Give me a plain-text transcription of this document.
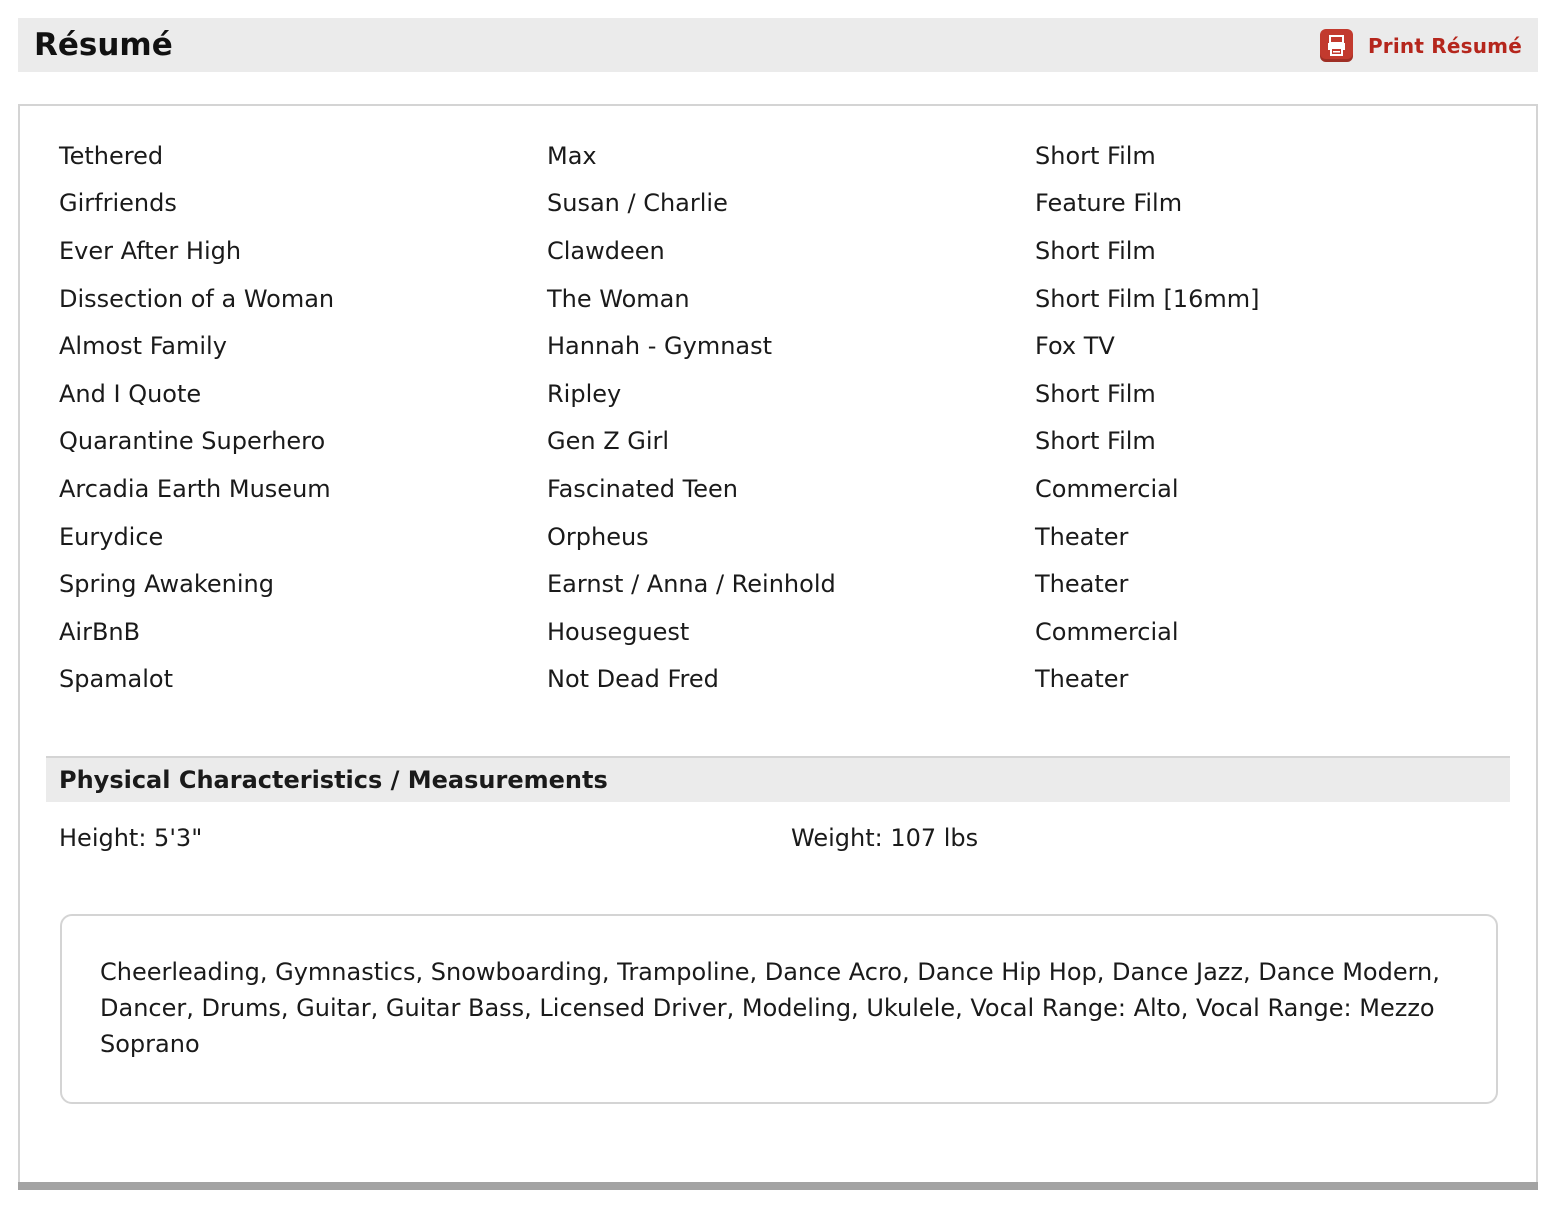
Résumé	Print Résumé
Tethered	Max	Short Film
Girfriends	Susan / Charlie	Feature Film
Ever After High	Clawdeen	Short Film
Dissection of a Woman	The Woman	Short Film [16mm]
Almost Family	Hannah - Gymnast	Fox TV
And I Quote	Ripley	Short Film
Quarantine Superhero	Gen Z Girl	Short Film
Arcadia Earth Museum	Fascinated Teen	Commercial
Eurydice	Orpheus	Theater
Spring Awakening	Earnst / Anna / Reinhold	Theater
AirBnB	Houseguest	Commercial
Spamalot	Not Dead Fred	Theater
Physical Characteristics / Measurements
Height: 5'3"	Weight: 107 lbs

Cheerleading, Gymnastics, Snowboarding, Trampoline, Dance Acro, Dance Hip Hop, Dance Jazz, Dance Modern, Dancer, Drums, Guitar, Guitar Bass, Licensed Driver, Modeling, Ukulele, Vocal Range: Alto, Vocal Range: Mezzo Soprano
